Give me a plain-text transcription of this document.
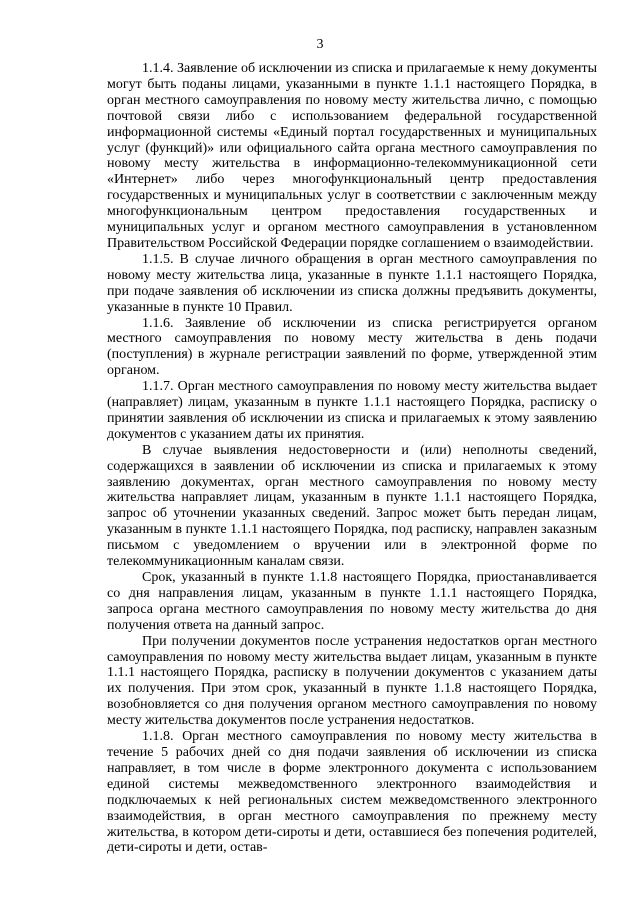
3

1.1.4. Заявление об исключении из списка и прилагаемые к нему документы могут быть поданы лицами, указанными в пункте 1.1.1 настоящего Порядка, в орган местного самоуправления по новому месту жительства лично, с помощью почтовой связи либо с использованием федеральной государственной информационной системы «Единый портал государственных и муниципальных услуг (функций)» или официального сайта органа местного самоуправления по новому месту жительства в информационно-телекоммуникационной сети «Интернет» либо через многофункциональный центр предоставления государственных и муниципальных услуг в соответствии с заключенным между многофункциональным центром предоставления государственных и муниципальных услуг и органом местного самоуправления в установленном Правительством Российской Федерации порядке соглашением о взаимодействии.

1.1.5. В случае личного обращения в орган местного самоуправления по новому месту жительства лица, указанные в пункте 1.1.1 настоящего Порядка, при подаче заявления об исключении из списка должны предъявить документы, указанные в пункте 10 Правил.

1.1.6. Заявление об исключении из списка регистрируется органом местного самоуправления по новому месту жительства в день подачи (поступления) в журнале регистрации заявлений по форме, утвержденной этим органом.

1.1.7. Орган местного самоуправления по новому месту жительства выдает (направляет) лицам, указанным в пункте 1.1.1 настоящего Порядка, расписку о принятии заявления об исключении из списка и прилагаемых к этому заявлению документов с указанием даты их принятия.

В случае выявления недостоверности и (или) неполноты сведений, содержащихся в заявлении об исключении из списка и прилагаемых к этому заявлению документах, орган местного самоуправления по новому месту жительства направляет лицам, указанным в пункте 1.1.1 настоящего Порядка, запрос об уточнении указанных сведений. Запрос может быть передан лицам, указанным в пункте 1.1.1 настоящего Порядка, под расписку, направлен заказным письмом с уведомлением о вручении или в электронной форме по телекоммуникационным каналам связи.

Срок, указанный в пункте 1.1.8 настоящего Порядка, приостанавливается со дня направления лицам, указанным в пункте 1.1.1 настоящего Порядка, запроса органа местного самоуправления по новому месту жительства до дня получения ответа на данный запрос.

При получении документов после устранения недостатков орган местного самоуправления по новому месту жительства выдает лицам, указанным в пункте 1.1.1 настоящего Порядка, расписку в получении документов с указанием даты их получения. При этом срок, указанный в пункте 1.1.8 настоящего Порядка, возобновляется со дня получения органом местного самоуправления по новому месту жительства документов после устранения недостатков.

1.1.8. Орган местного самоуправления по новому месту жительства в течение 5 рабочих дней со дня подачи заявления об исключении из списка направляет, в том числе в форме электронного документа с использованием единой системы межведомственного электронного взаимодействия и подключаемых к ней региональных систем межведомственного электронного взаимодействия, в орган местного самоуправления по прежнему месту жительства, в котором дети-сироты и дети, оставшиеся без попечения родителей, дети-сироты и дети, остав-
